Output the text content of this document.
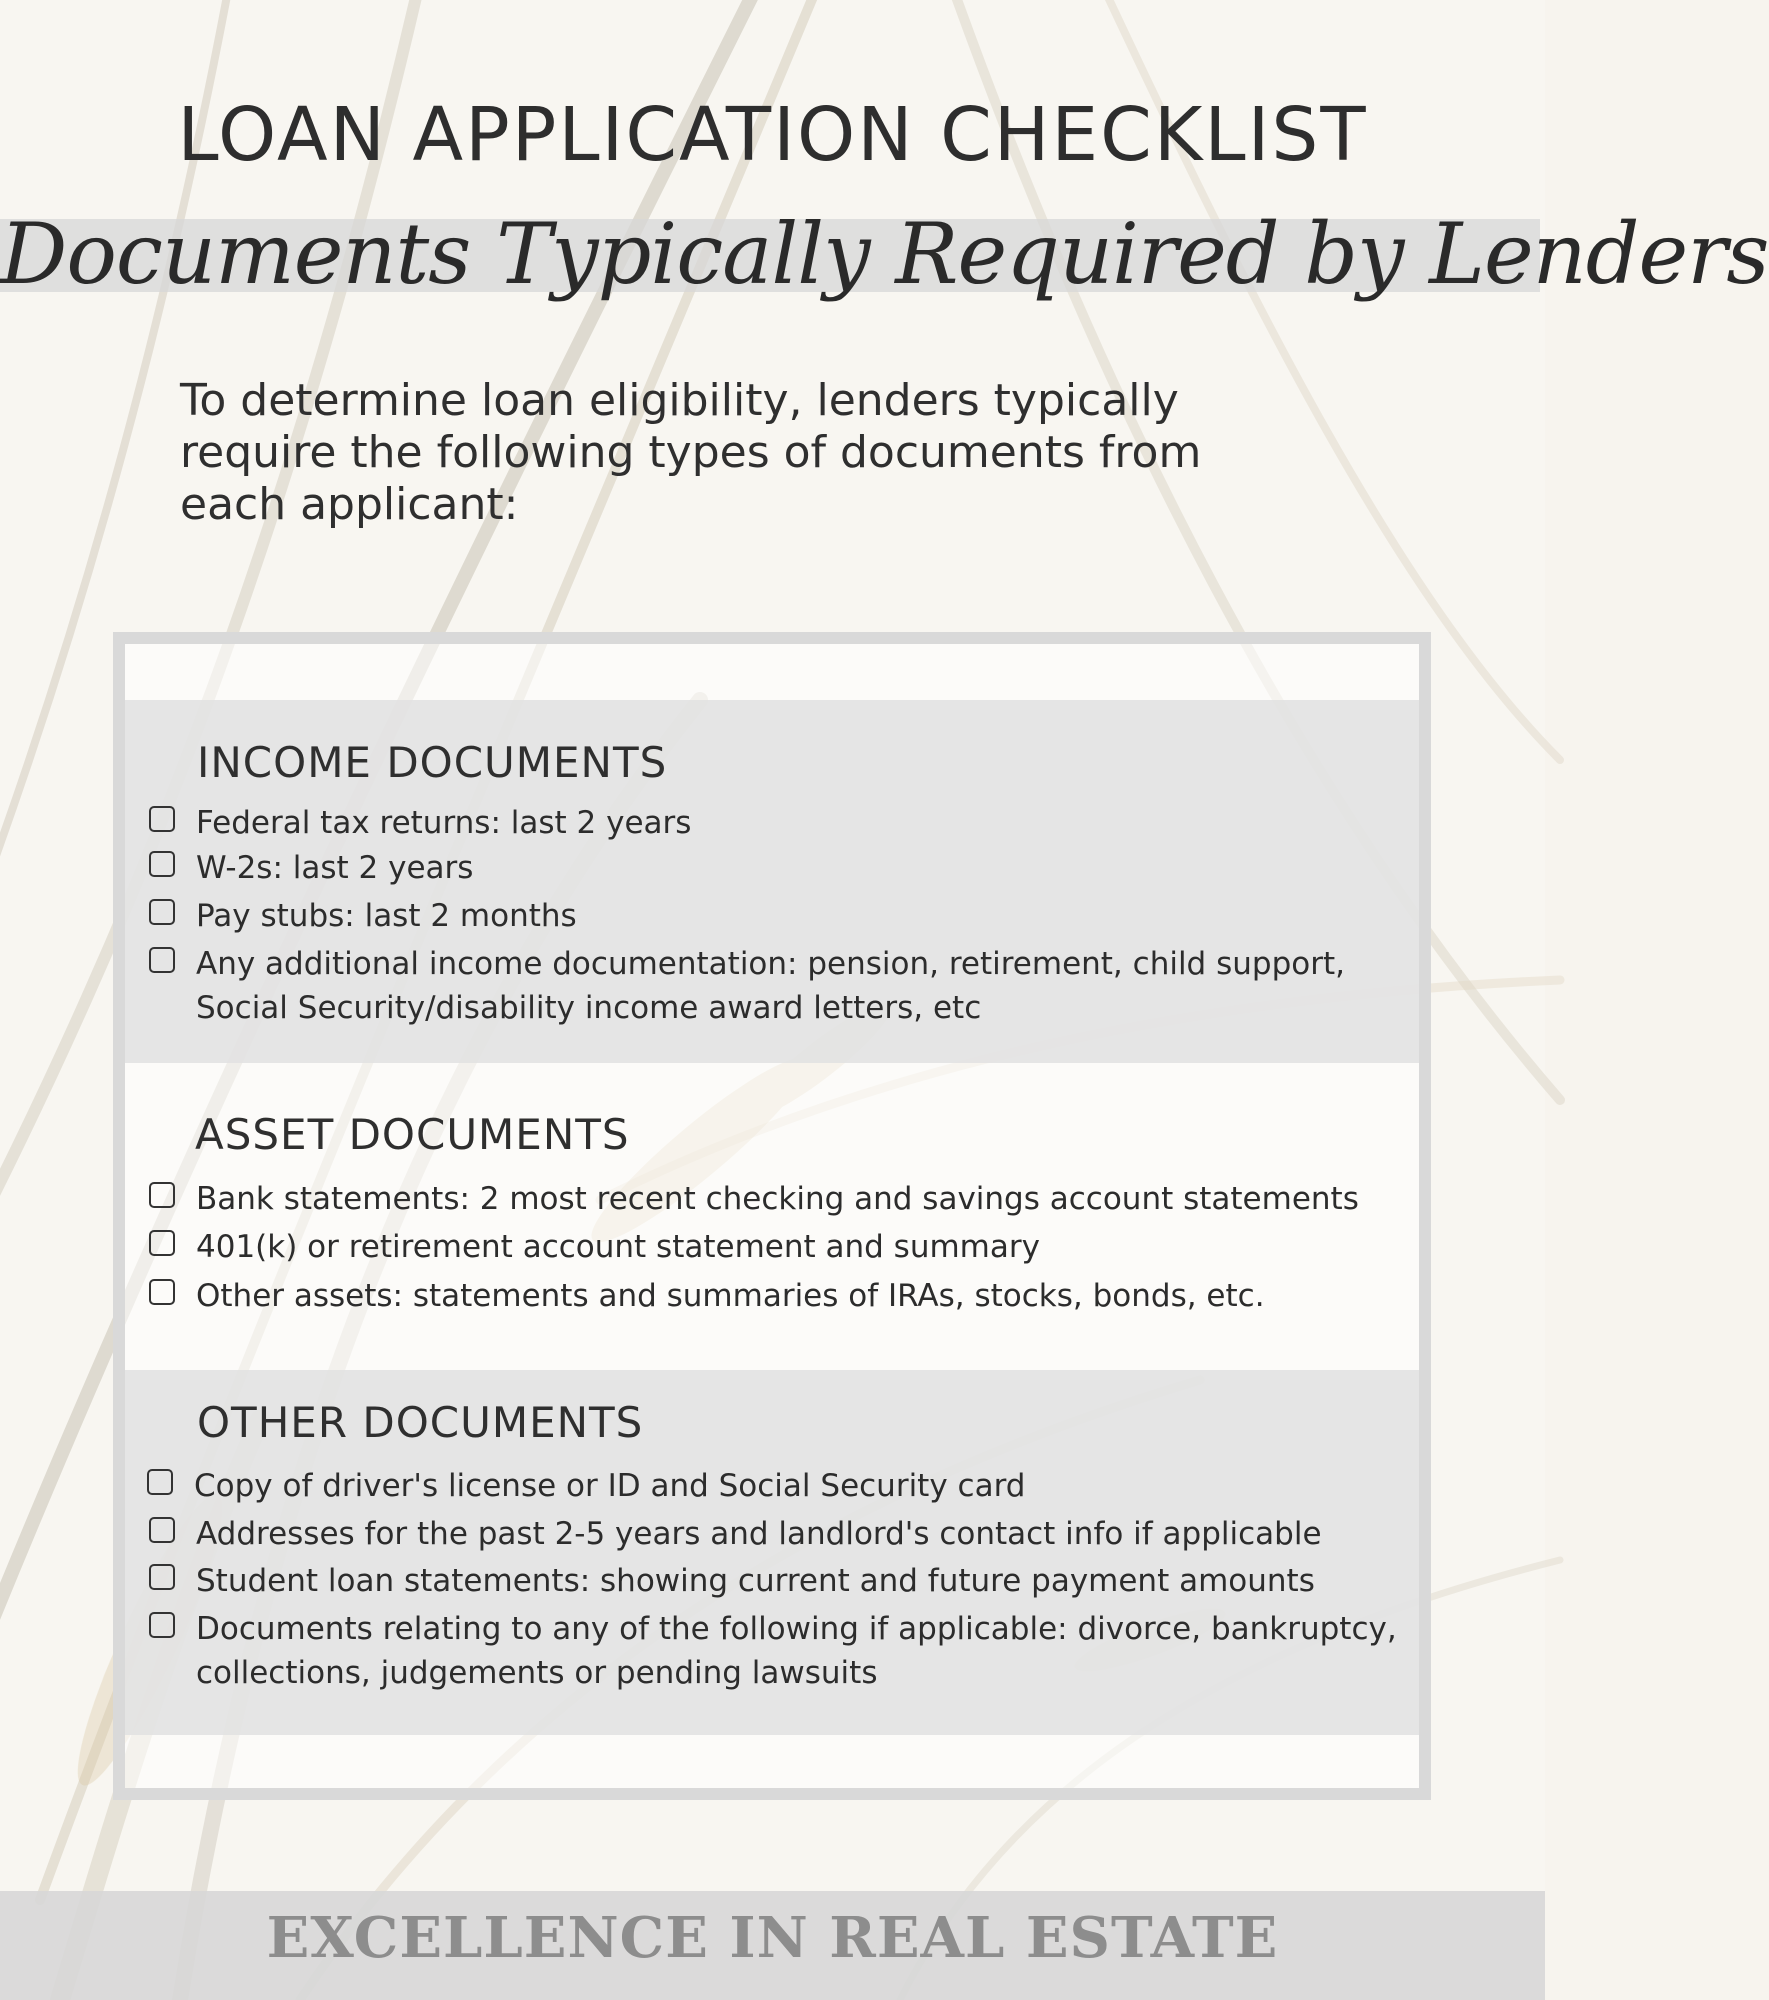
LOAN APPLICATION CHECKLIST
Documents Typically Required by Lenders
To determine loan eligibility, lenders typically require the following types of documents from each applicant:
INCOME DOCUMENTS
Federal tax returns: last 2 years
W-2s: last 2 years
Pay stubs: last 2 months
Any additional income documentation: pension, retirement, child support, Social Security/disability income award letters, etc
ASSET DOCUMENTS
Bank statements: 2 most recent checking and savings account statements
401(k) or retirement account statement and summary
Other assets: statements and summaries of IRAs, stocks, bonds, etc.
OTHER DOCUMENTS
Copy of driver's license or ID and Social Security card
Addresses for the past 2-5 years and landlord's contact info if applicable
Student loan statements: showing current and future payment amounts
Documents relating to any of the following if applicable: divorce, bankruptcy, collections, judgements or pending lawsuits
EXCELLENCE IN REAL ESTATE
